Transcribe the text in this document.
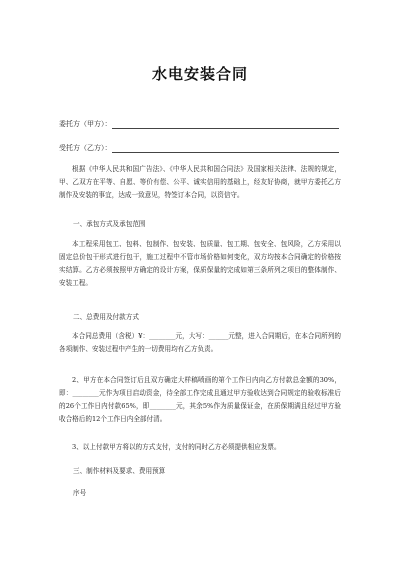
水电安装合同
委托方（甲方）：
受托方（乙方）：

根据《中华人民共和国广告法》、《中华人民共和国合同法》及国家相关法律、法规的规定，甲、乙双方在平等、自愿、等价有偿、公平、诚实信用的基础上，经友好协商，就甲方委托乙方制作及安装的事宜，达成一致意见，特签订本合同，以资信守。

一、承包方式及承包范围

本工程采用包工、包料、包制作、包安装、包质量、包工期、包安全、包风险，乙方采用以固定总价包干形式进行包干，施工过程中不管市场价格如何变化，双方均按本合同确定的价格按实结算。乙方必须按照甲方确定的设计方案，保质保量的完成如第三条所列之项目的整体制作、安装工程。

二、总费用及付款方式

本合同总费用（含税）¥：________元，大写：______元整，进入合同期后，在本合同所列的各项制作、安装过程中产生的一切费用均有乙方负责。

2、甲方在本合同签订后且双方确定大样稿喷画的第个工作日内向乙方付款总金额的30%，即：________元作为项目启动资金，待全部工作完成且通过甲方验收达到合同规定的验收标准后的26个工作日内付款65%，即________元，其余5%作为质量保证金，在质保期满且经过甲方验收合格后的12个工作日内全部付清。

3、以上付款甲方将以的方式支付，支付的同时乙方必须提供相应发票。

三、制作材料及要求、费用预算
序号
